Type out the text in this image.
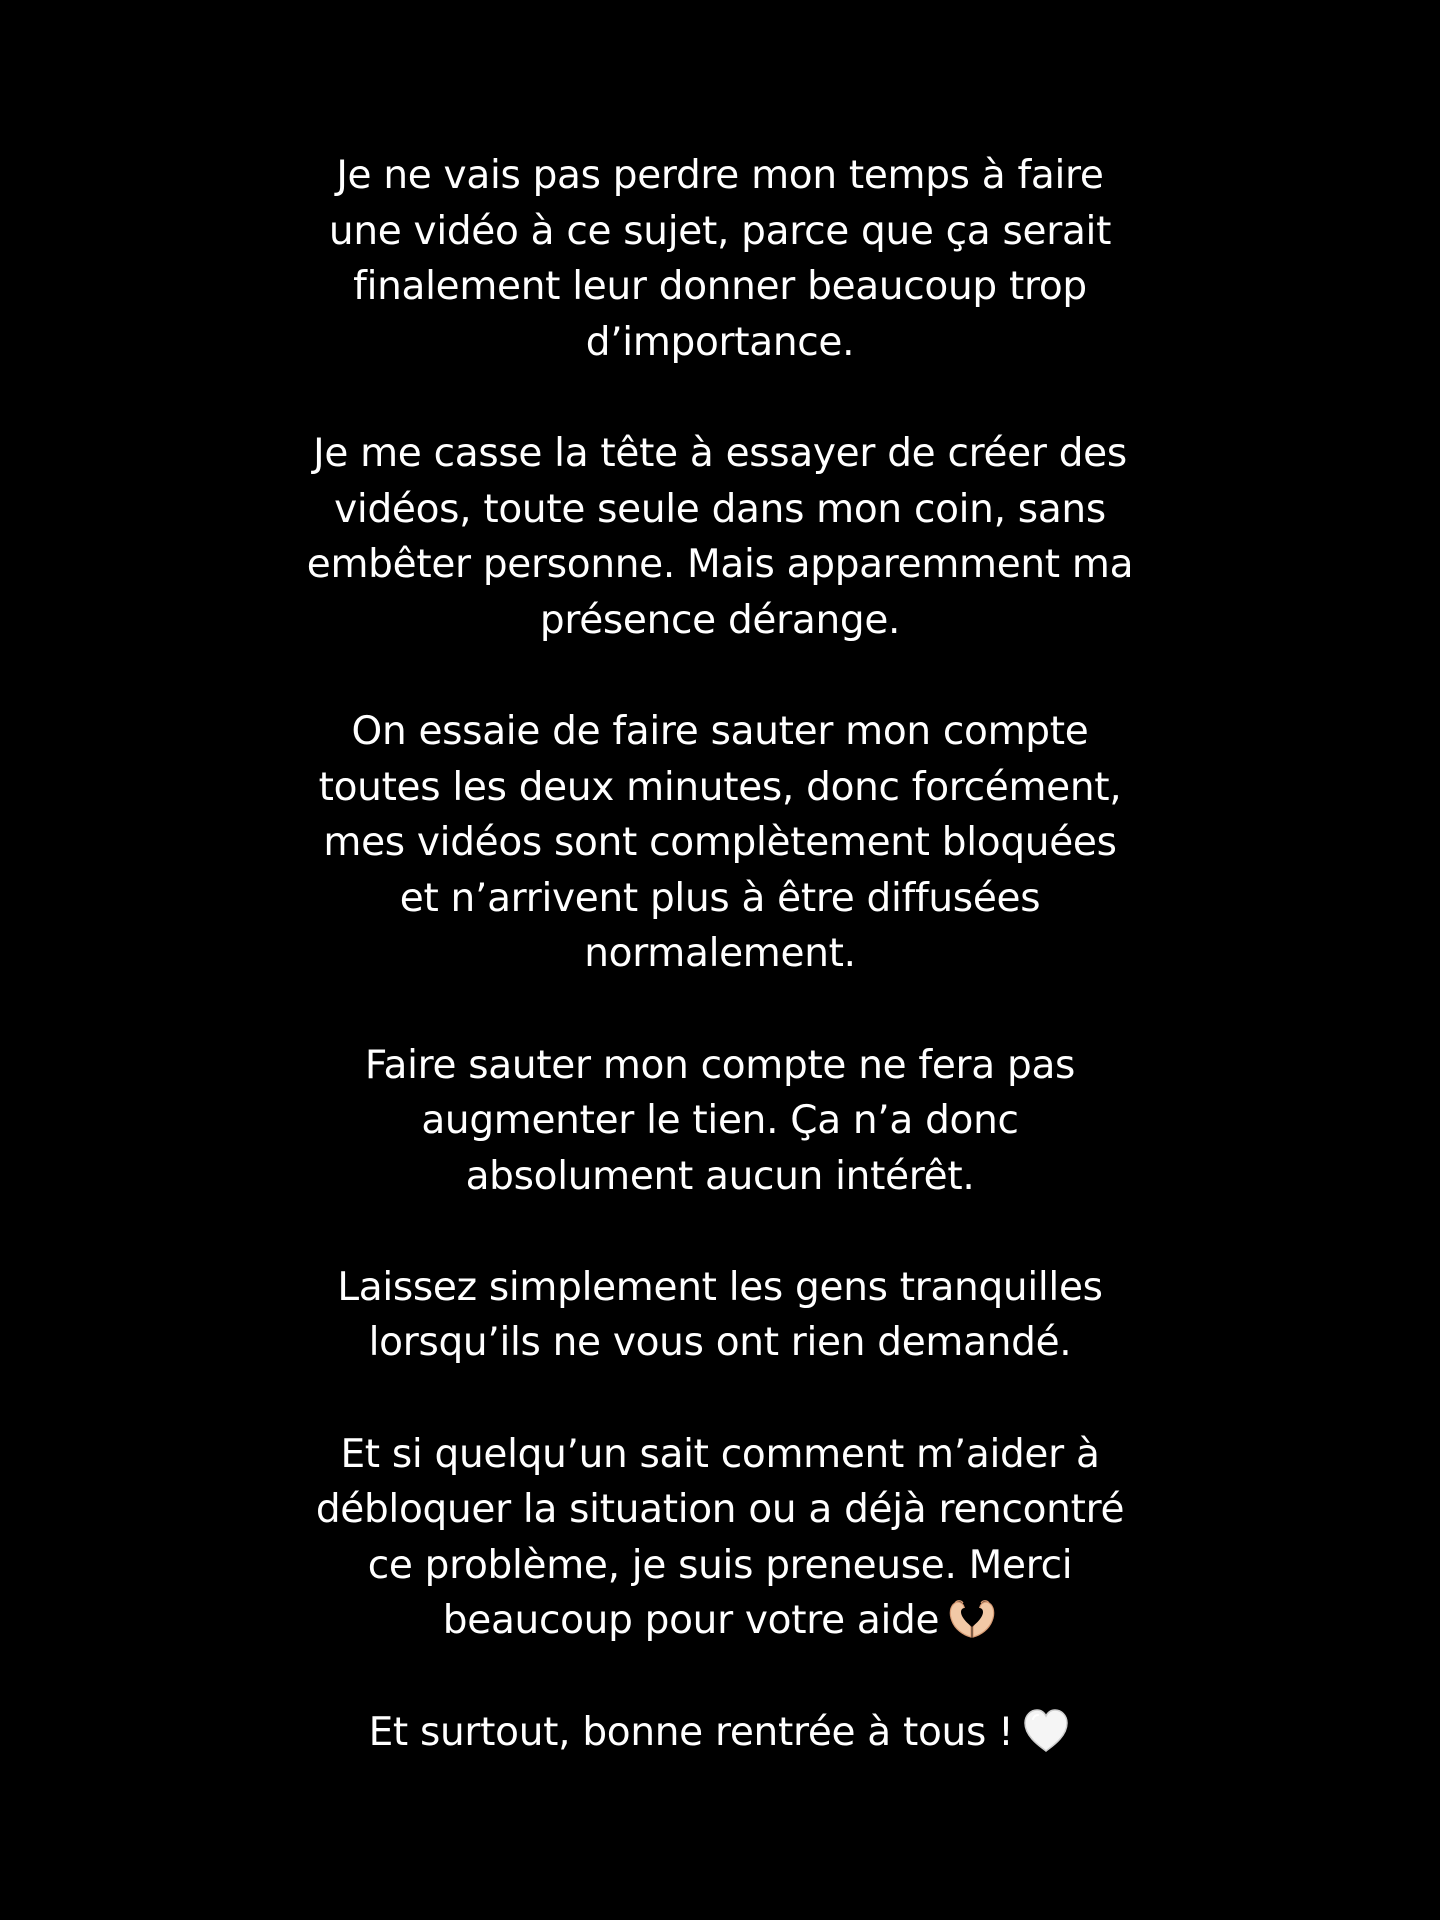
Je ne vais pas perdre mon temps à faire
une vidéo à ce sujet, parce que ça serait
finalement leur donner beaucoup trop
d’importance.
Je me casse la tête à essayer de créer des
vidéos, toute seule dans mon coin, sans
embêter personne. Mais apparemment ma
présence dérange.
On essaie de faire sauter mon compte
toutes les deux minutes, donc forcément,
mes vidéos sont complètement bloquées
et n’arrivent plus à être diffusées
normalement.
Faire sauter mon compte ne fera pas
augmenter le tien. Ça n’a donc
absolument aucun intérêt.
Laissez simplement les gens tranquilles
lorsqu’ils ne vous ont rien demandé.
Et si quelqu’un sait comment m’aider à
débloquer la situation ou a déjà rencontré
ce problème, je suis preneuse. Merci
beaucoup pour votre aide
Et surtout, bonne rentrée à tous !
